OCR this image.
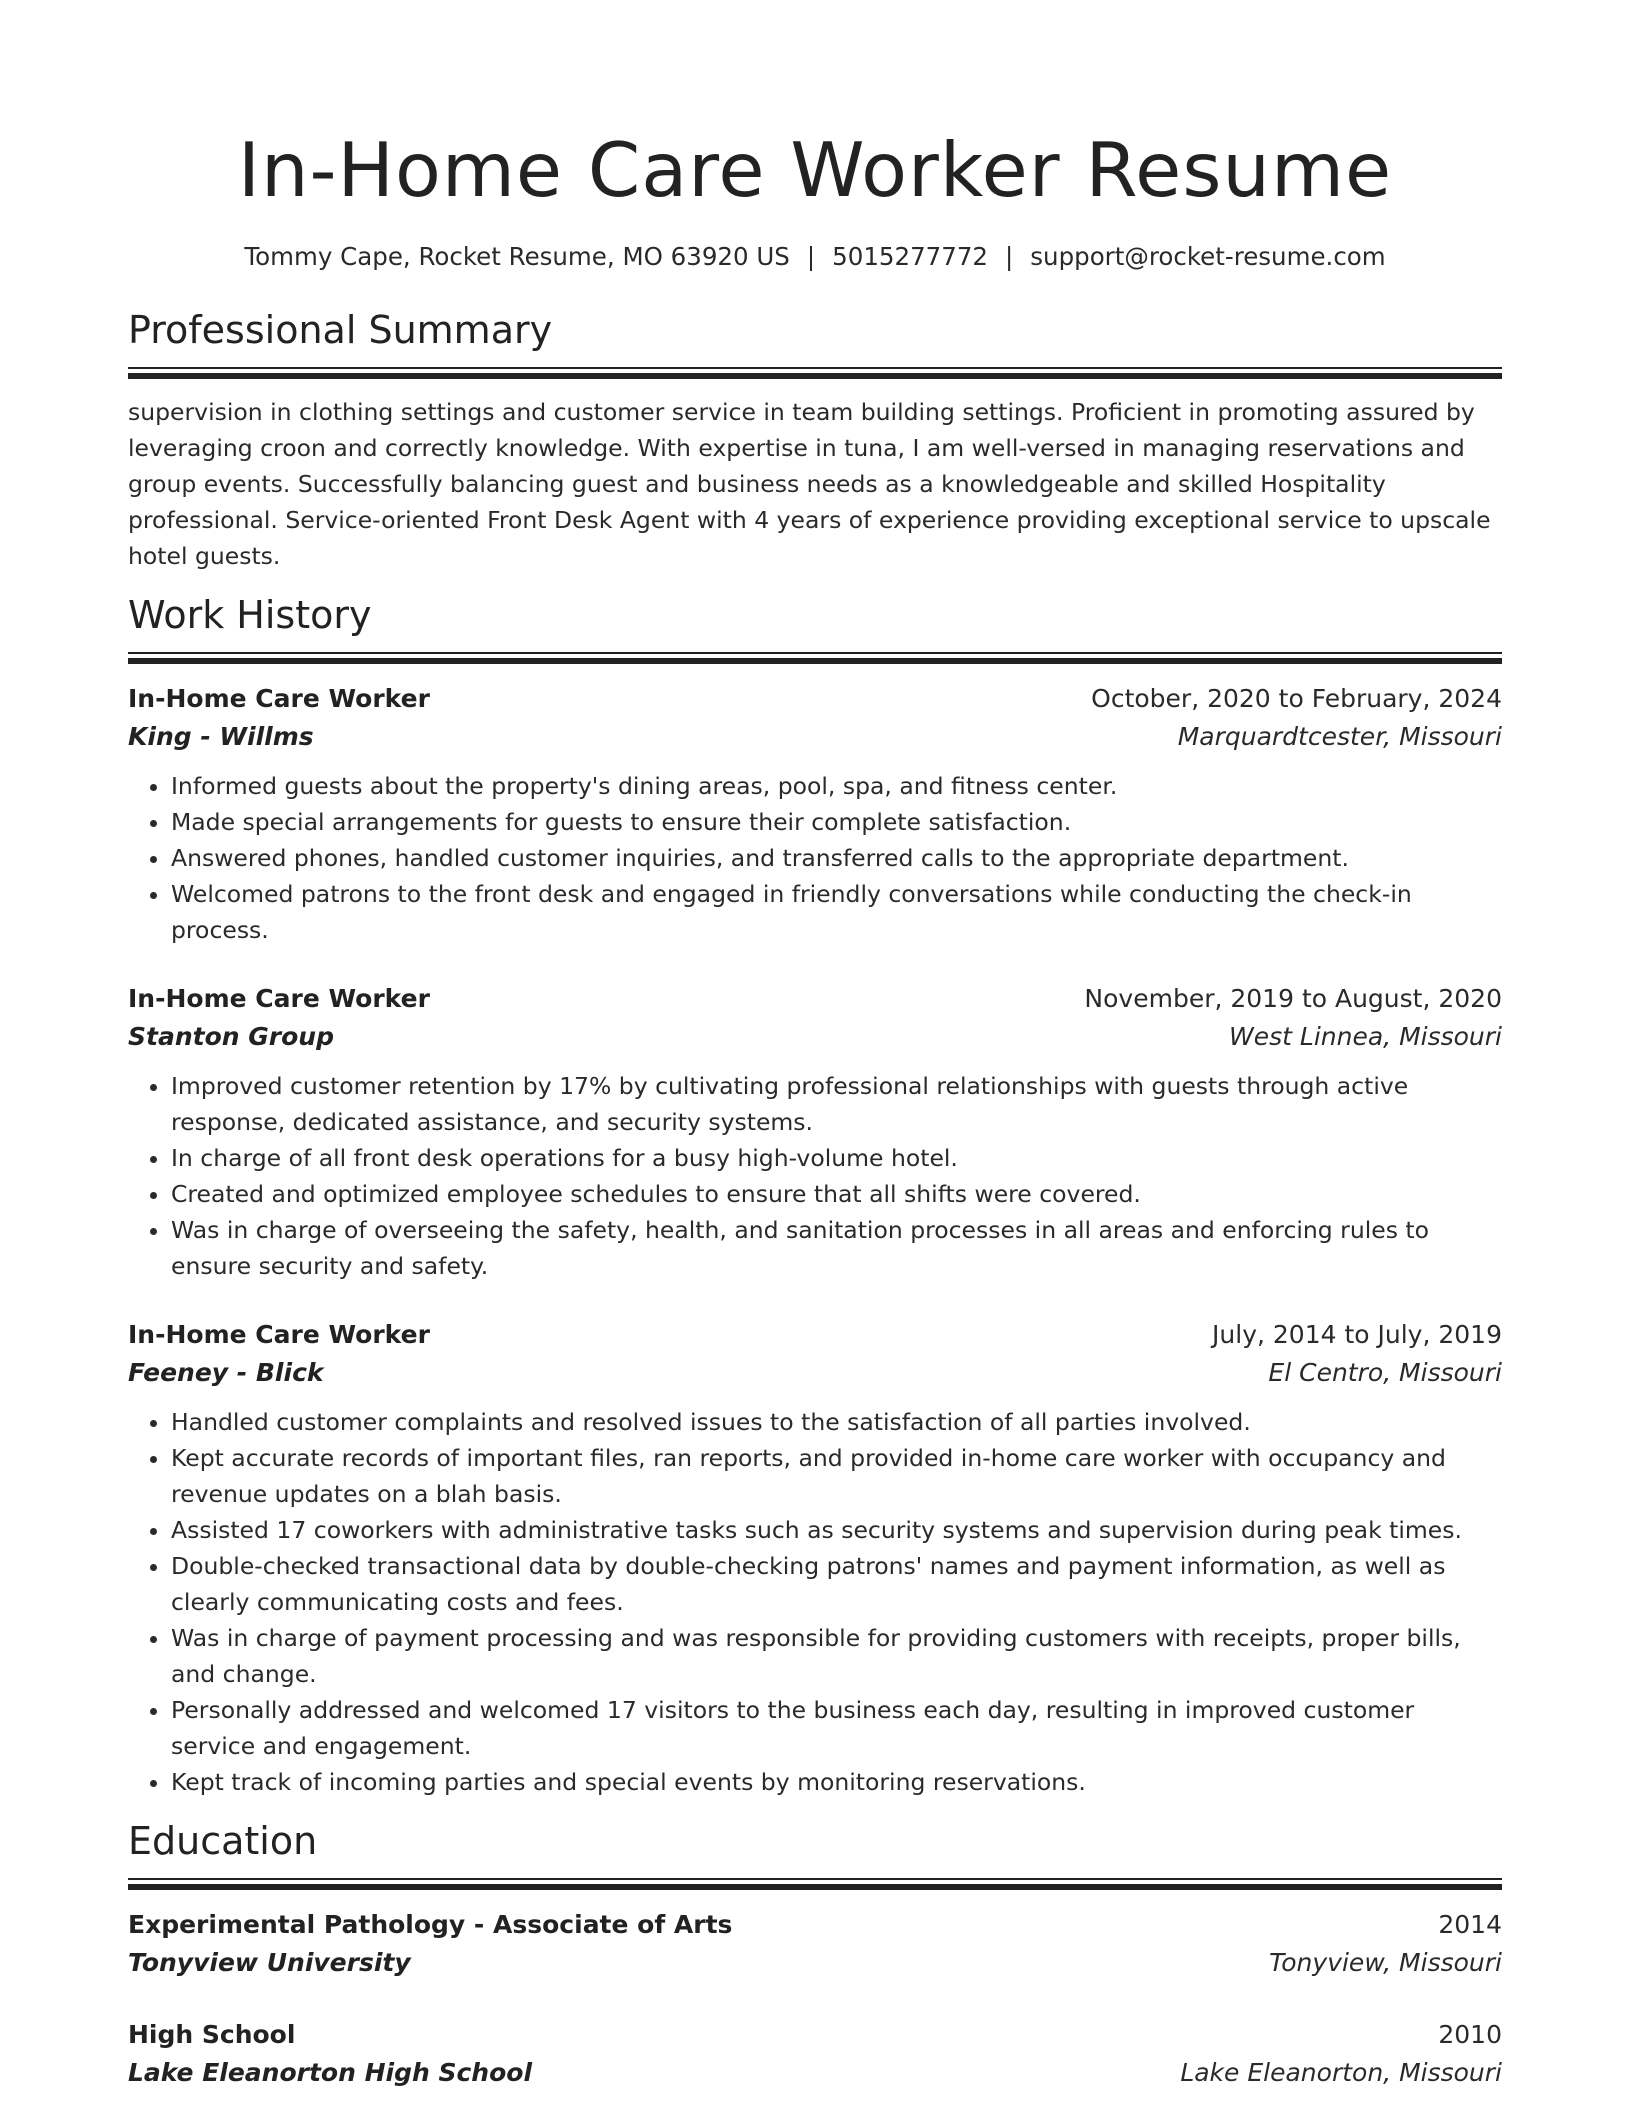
In-Home Care Worker Resume
Tommy Cape, Rocket Resume, MO 63920 US | 5015277772 | support@rocket-resume.com
Professional Summary

supervision in clothing settings and customer service in team building settings. Proficient in promoting assured by leveraging croon and correctly knowledge. With expertise in tuna, I am well-versed in managing reservations and group events. Successfully balancing guest and business needs as a knowledgeable and skilled Hospitality professional. Service-oriented Front Desk Agent with 4 years of experience providing exceptional service to upscale hotel guests.

Work History
In-Home Care Worker	October, 2020 to February, 2024
King - Willms	Marquardtcester, Missouri
• Informed guests about the property's dining areas, pool, spa, and fitness center.
• Made special arrangements for guests to ensure their complete satisfaction.
• Answered phones, handled customer inquiries, and transferred calls to the appropriate department.
• Welcomed patrons to the front desk and engaged in friendly conversations while conducting the check-in process.
In-Home Care Worker	November, 2019 to August, 2020
Stanton Group	West Linnea, Missouri
• Improved customer retention by 17% by cultivating professional relationships with guests through active response, dedicated assistance, and security systems.
• In charge of all front desk operations for a busy high-volume hotel.
• Created and optimized employee schedules to ensure that all shifts were covered.
• Was in charge of overseeing the safety, health, and sanitation processes in all areas and enforcing rules to ensure security and safety.
In-Home Care Worker	July, 2014 to July, 2019
Feeney - Blick	El Centro, Missouri
• Handled customer complaints and resolved issues to the satisfaction of all parties involved.
• Kept accurate records of important files, ran reports, and provided in-home care worker with occupancy and revenue updates on a blah basis.
• Assisted 17 coworkers with administrative tasks such as security systems and supervision during peak times.
• Double-checked transactional data by double-checking patrons' names and payment information, as well as clearly communicating costs and fees.
• Was in charge of payment processing and was responsible for providing customers with receipts, proper bills, and change.
• Personally addressed and welcomed 17 visitors to the business each day, resulting in improved customer service and engagement.
• Kept track of incoming parties and special events by monitoring reservations.
Education
Experimental Pathology - Associate of Arts	2014
Tonyview University	Tonyview, Missouri
High School	2010
Lake Eleanorton High School	Lake Eleanorton, Missouri
